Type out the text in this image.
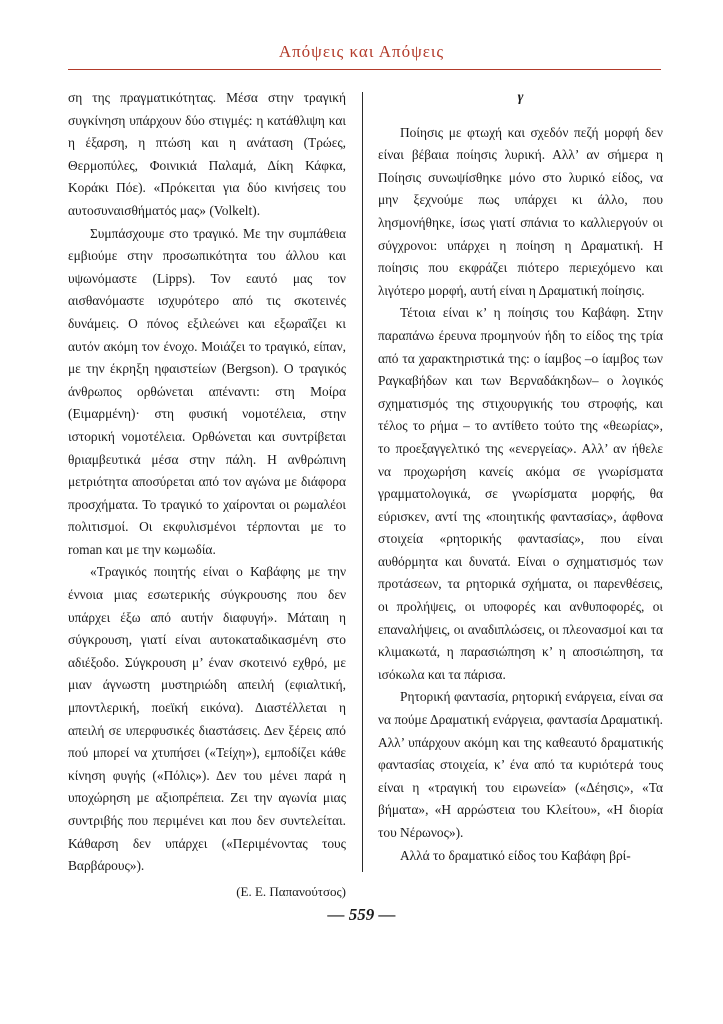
Απόψεις και Απόψεις

ση της πραγματικότητας. Μέσα στην τραγική συγκίνηση υπάρχουν δύο στιγμές: η κατάθλιψη και η έξαρση, η πτώση και η ανάταση (Τρώες, Θερμοπύλες, Φοινικιά Παλαμά, Δίκη Κάφκα, Κοράκι Πόε). «Πρόκειται για δύο κινήσεις του αυτοσυναισθήματός μας» (Volkelt).

Συμπάσχουμε στο τραγικό. Με την συμπάθεια εμβιούμε στην προσωπικότητα του άλλου και υψωνόμαστε (Lipps). Τον εαυτό μας τον αισθανόμαστε ισχυρότερο από τις σκοτεινές δυνάμεις. Ο πόνος εξιλεώνει και εξωραΐζει κι αυτόν ακόμη τον ένοχο. Μοιάζει το τραγικό, είπαν, με την έκρηξη ηφαιστείων (Bergson). Ο τραγικός άνθρωπος ορθώνεται απέναντι: στη Μοίρα (Ειμαρμένη)· στη φυσική νομοτέλεια, στην ιστορική νομοτέλεια. Ορθώνεται και συντρίβεται θριαμβευτικά μέσα στην πάλη. Η ανθρώπινη μετριότητα αποσύρεται από τον αγώνα με διάφορα προσχήματα. Το τραγικό το χαίρονται οι ρωμαλέοι πολιτισμοί. Οι εκφυλισμένοι τέρπονται με το roman και με την κωμωδία.

«Τραγικός ποιητής είναι ο Καβάφης με την έννοια μιας εσωτερικής σύγκρουσης που δεν υπάρχει έξω από αυτήν διαφυγή». Μάταιη η σύγκρουση, γιατί είναι αυτοκαταδικασμένη στο αδιέξοδο. Σύγκρουση μ’ έναν σκοτεινό εχθρό, με μιαν άγνωστη μυστηριώδη απειλή (εφιαλτική, μπoντλερική, ποεϊκή εικόνα). Διαστέλλεται η απειλή σε υπερφυσικές διαστάσεις. Δεν ξέρεις από πού μπορεί να χτυπήσει («Τείχη»), εμποδίζει κάθε κίνηση φυγής («Πόλις»). Δεν του μένει παρά η υποχώρηση με αξιοπρέπεια. Ζει την αγωνία μιας συντριβής που περιμένει και που δεν συντελείται. Κάθαρση δεν υπάρχει («Περιμένοντας τους Βαρβάρους»).

(Ε. Ε. Παπανούτσος)

γ

Ποίησις με φτωχή και σχεδόν πεζή μορφή δεν είναι βέβαια ποίησις λυρική. Αλλ’ αν σήμερα η Ποίησις συνωψίσθηκε μόνο στο λυρικό είδος, να μην ξεχνούμε πως υπάρχει κι άλλο, που λησμονήθηκε, ίσως γιατί σπάνια το καλλιεργούν οι σύγχρονοι: υπάρχει η ποίηση η Δραματική. Η ποίησις που εκφράζει πιότερο περιεχόμενο και λιγότερο μορφή, αυτή είναι η Δραματική ποίησις.

Τέτοια είναι κ’ η ποίησις του Καβάφη. Στην παραπάνω έρευνα προμηνούν ήδη το είδος της τρία από τα χαρακτηριστικά της: ο ίαμβος –ο ίαμβος των Ραγκαβήδων και των Βερναδάκηδων– ο λογικός σχηματισμός της στιχουργικής του στροφής, και τέλος το ρήμα – το αντίθετο τούτο της «θεωρίας», το προεξαγγελτικό της «ενεργείας». Αλλ’ αν ήθελε να προχωρήση κανείς ακόμα σε γνωρίσματα γραμματολογικά, σε γνωρίσματα μορφής, θα εύρισκεν, αντί της «ποιητικής φαντασίας», άφθονα στοιχεία «ρητορικής φαντασίας», που είναι αυθόρμητα και δυνατά. Είναι ο σχηματισμός των προτάσεων, τα ρητορικά σχήματα, οι παρενθέσεις, οι προλήψεις, οι υποφορές και ανθυποφορές, οι επαναλήψεις, οι αναδιπλώσεις, οι πλεονασμοί και τα κλιμακωτά, η παρασιώπηση κ’ η αποσιώπηση, τα ισόκωλα και τα πάρισα.

Ρητορική φαντασία, ρητορική ενάργεια, είναι σα να πούμε Δραματική ενάργεια, φαντασία Δραματική. Αλλ’ υπάρχουν ακόμη και της καθεαυτό δραματικής φαντασίας στοιχεία, κ’ ένα από τα κυριότερά τους είναι η «τραγική του ειρωνεία» («Δέησις», «Τα βήματα», «Η αρρώστεια του Κλείτου», «Η διορία του Νέρωνος»).

Αλλά το δραματικό είδος του Καβάφη βρί-

— 559 —
